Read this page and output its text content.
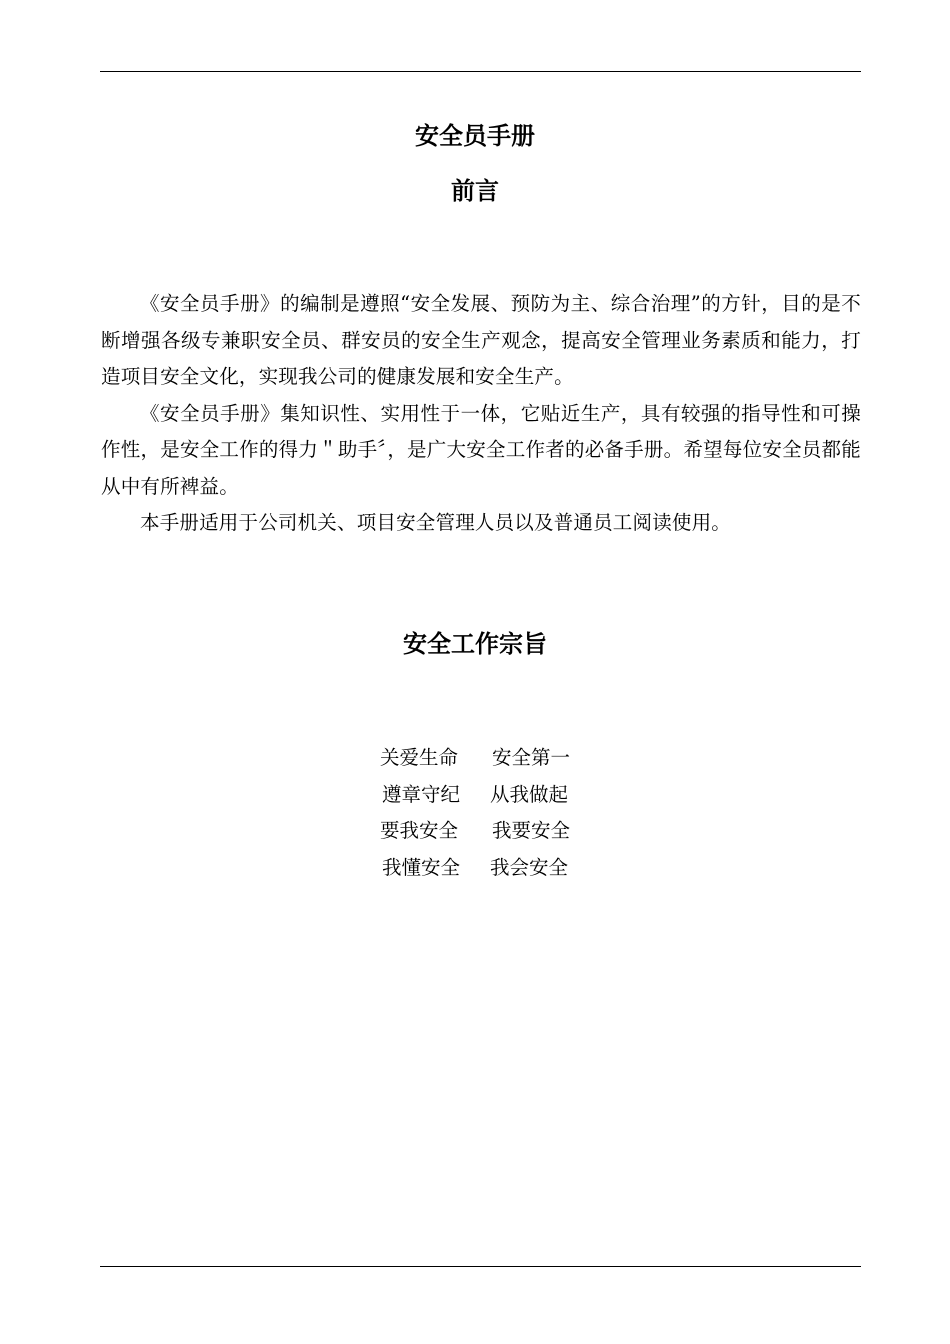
安全员手册
前言

《安全员手册》的编制是遵照“安全发展、预防为主、综合治理”的方针，目的是不断增强各级专兼职安全员、群安员的安全生产观念，提高安全管理业务素质和能力，打造项目安全文化，实现我公司的健康发展和安全生产。

《安全员手册》集知识性、实用性于一体，它贴近生产，具有较强的指导性和可操作性，是安全工作的得力＂助手〞，是广大安全工作者的必备手册。希望每位安全员都能从中有所裨益。

本手册适用于公司机关、项目安全管理人员以及普通员工阅读使用。

安全工作宗旨
关爱生命 安全第一
遵章守纪 从我做起
要我安全 我要安全
我懂安全 我会安全
